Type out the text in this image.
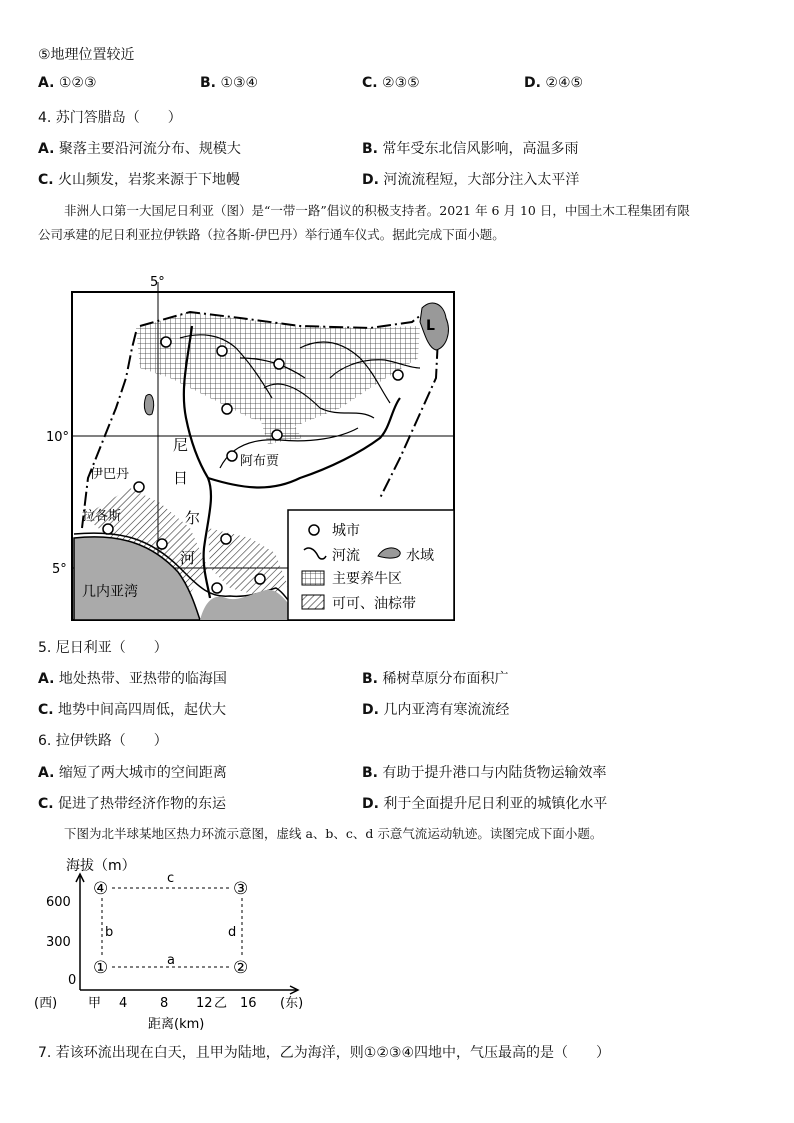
⑤地理位置较近
A. ①②③	B. ①③④	C. ②③⑤	D. ②④⑤
4. 苏门答腊岛（　　）
A. 聚落主要沿河流分布、规模大	B. 常年受东北信风影响，高温多雨
C. 火山频发，岩浆来源于下地幔	D. 河流流程短，大部分注入太平洋
非洲人口第一大国尼日利亚（图）是“一带一路”倡议的积极支持者。2021 年 6 月 10 日，中国土木工程集团有限
公司承建的尼日利亚拉伊铁路（拉各斯-伊巴丹）举行通车仪式。据此完成下面小题。
5°
10°
5°
L
尼
日
尔
河
伊巴丹
拉各斯
阿布贾
几内亚湾
城市
河流	水域
主要养牛区
可可、油棕带
5. 尼日利亚（　　）
A. 地处热带、亚热带的临海国	B. 稀树草原分布面积广
C. 地势中间高四周低，起伏大	D. 几内亚湾有寒流流经
6. 拉伊铁路（　　）
A. 缩短了两大城市的空间距离	B. 有助于提升港口与内陆货物运输效率
C. 促进了热带经济作物的东运	D. 利于全面提升尼日利亚的城镇化水平
下图为北半球某地区热力环流示意图，虚线 a、b、c、d 示意气流运动轨迹。读图完成下面小题。
海拔（m）
600
300
0
(西) 甲 4	8 12 乙 16 (东)
距离(km)
c
a
b	d
④	③
①	②
7. 若该环流出现在白天，且甲为陆地，乙为海洋，则①②③④四地中，气压最高的是（　　）
